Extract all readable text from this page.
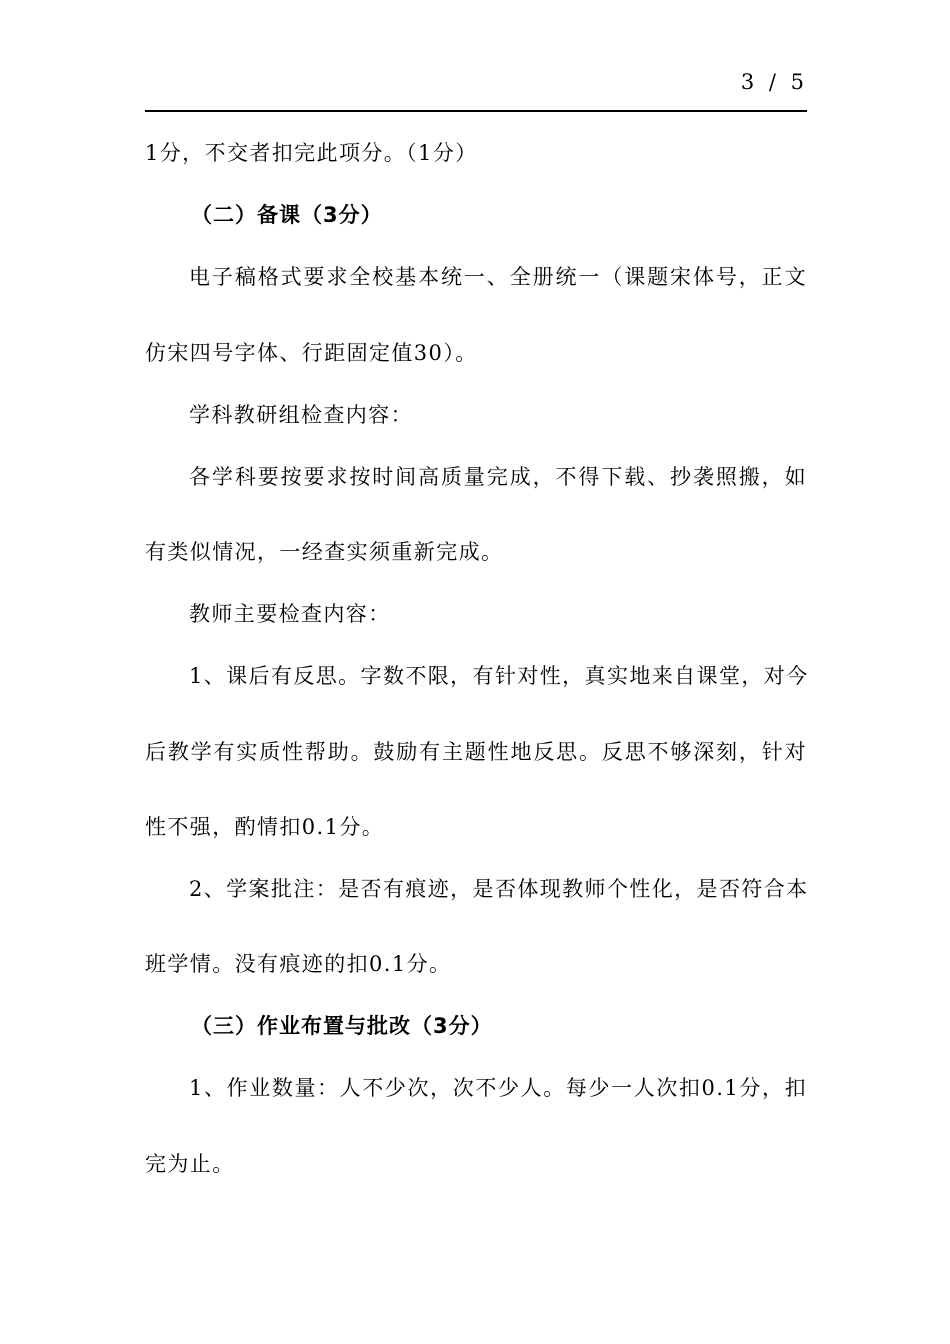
3 / 5
1分，不交者扣完此项分。（1分）
（二）备课（3分）
电子稿格式要求全校基本统一、全册统一（课题宋体号，正文
仿宋四号字体、行距固定值30）。
学科教研组检查内容：
各学科要按要求按时间高质量完成，不得下载、抄袭照搬，如
有类似情况，一经查实须重新完成。
教师主要检查内容：
1、课后有反思。字数不限，有针对性，真实地来自课堂，对今
后教学有实质性帮助。鼓励有主题性地反思。反思不够深刻，针对
性不强，酌情扣0.1分。
2、学案批注：是否有痕迹，是否体现教师个性化，是否符合本
班学情。没有痕迹的扣0.1分。
（三）作业布置与批改（3分）
1、作业数量：人不少次，次不少人。每少一人次扣0.1分，扣
完为止。
